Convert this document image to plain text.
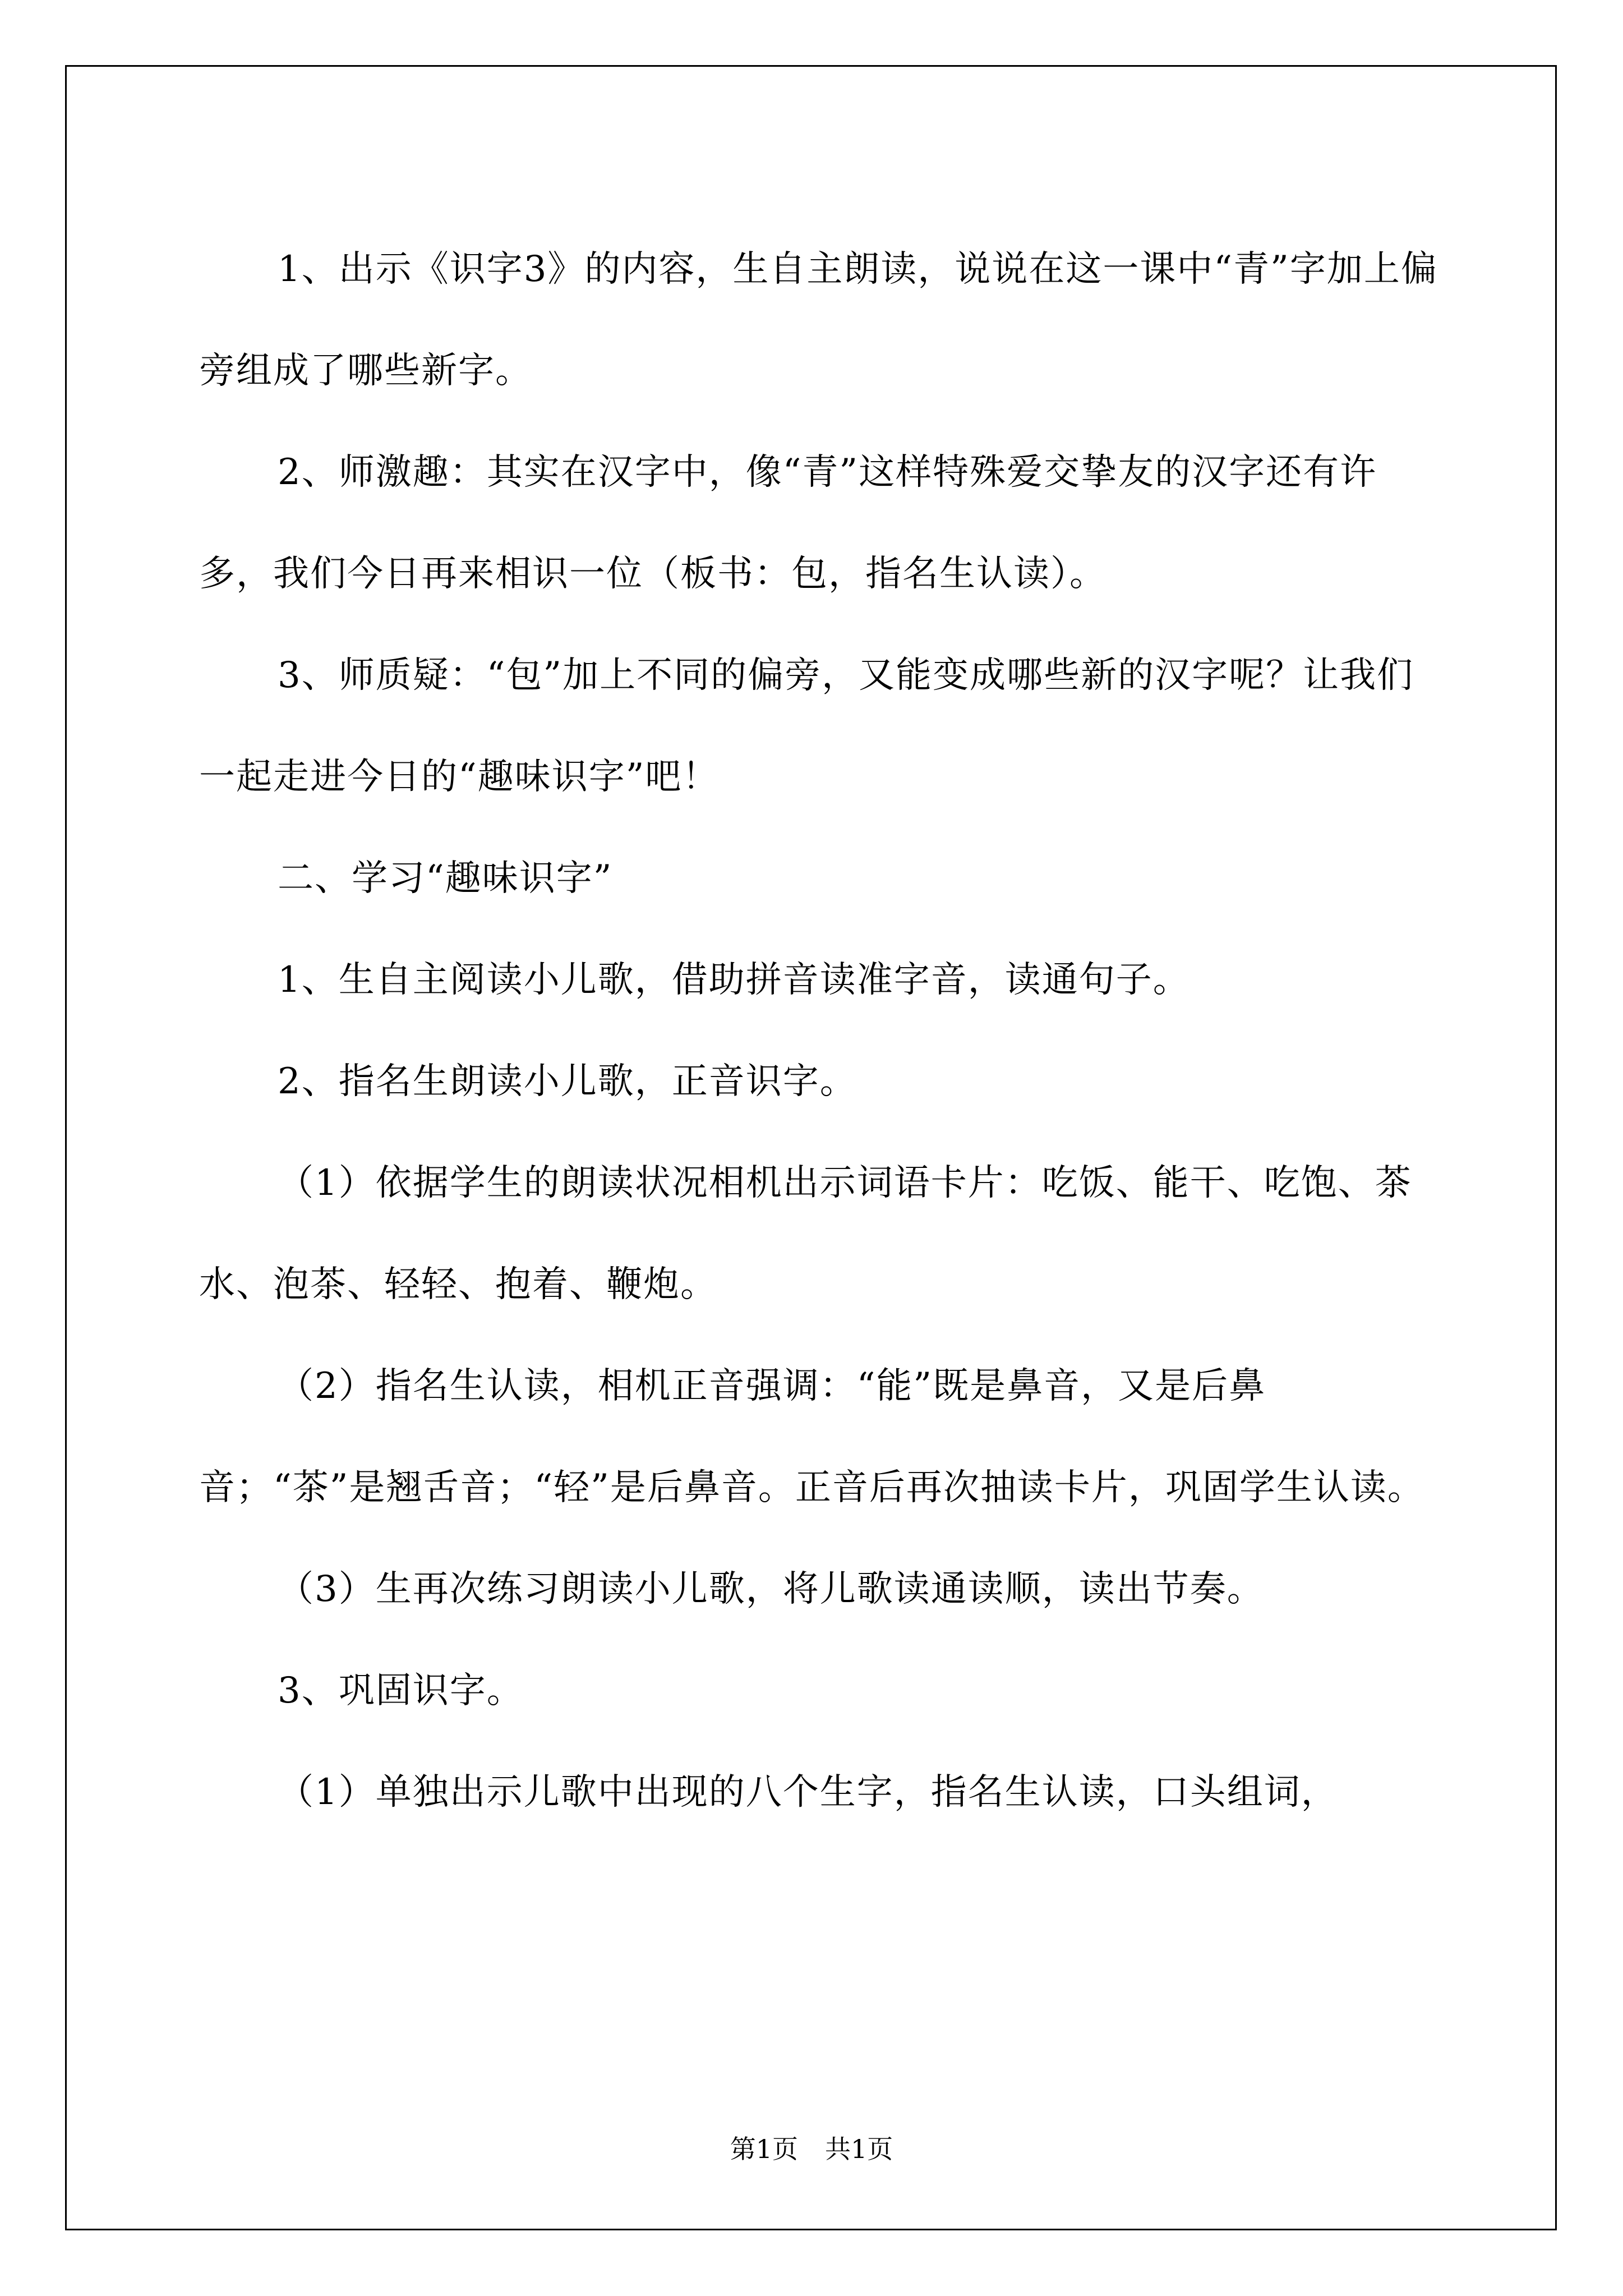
1、出示《识字3》的内容，生自主朗读，说说在这一课中“青”字加上偏旁组成了哪些新字。

2、师激趣：其实在汉字中，像“青”这样特殊爱交挚友的汉字还有许多，我们今日再来相识一位（板书：包，指名生认读）。

3、师质疑：“包”加上不同的偏旁，又能变成哪些新的汉字呢？让我们一起走进今日的“趣味识字”吧！

二、学习“趣味识字”

1、生自主阅读小儿歌，借助拼音读准字音，读通句子。

2、指名生朗读小儿歌，正音识字。

（1）依据学生的朗读状况相机出示词语卡片：吃饭、能干、吃饱、茶水、泡茶、轻轻、抱着、鞭炮。

（2）指名生认读，相机正音强调：“能”既是鼻音，又是后鼻音；“茶”是翘舌音；“轻”是后鼻音。正音后再次抽读卡片，巩固学生认读。

（3）生再次练习朗读小儿歌，将儿歌读通读顺，读出节奏。

3、巩固识字。

（1）单独出示儿歌中出现的八个生字，指名生认读，口头组词，

第1页 共1页
